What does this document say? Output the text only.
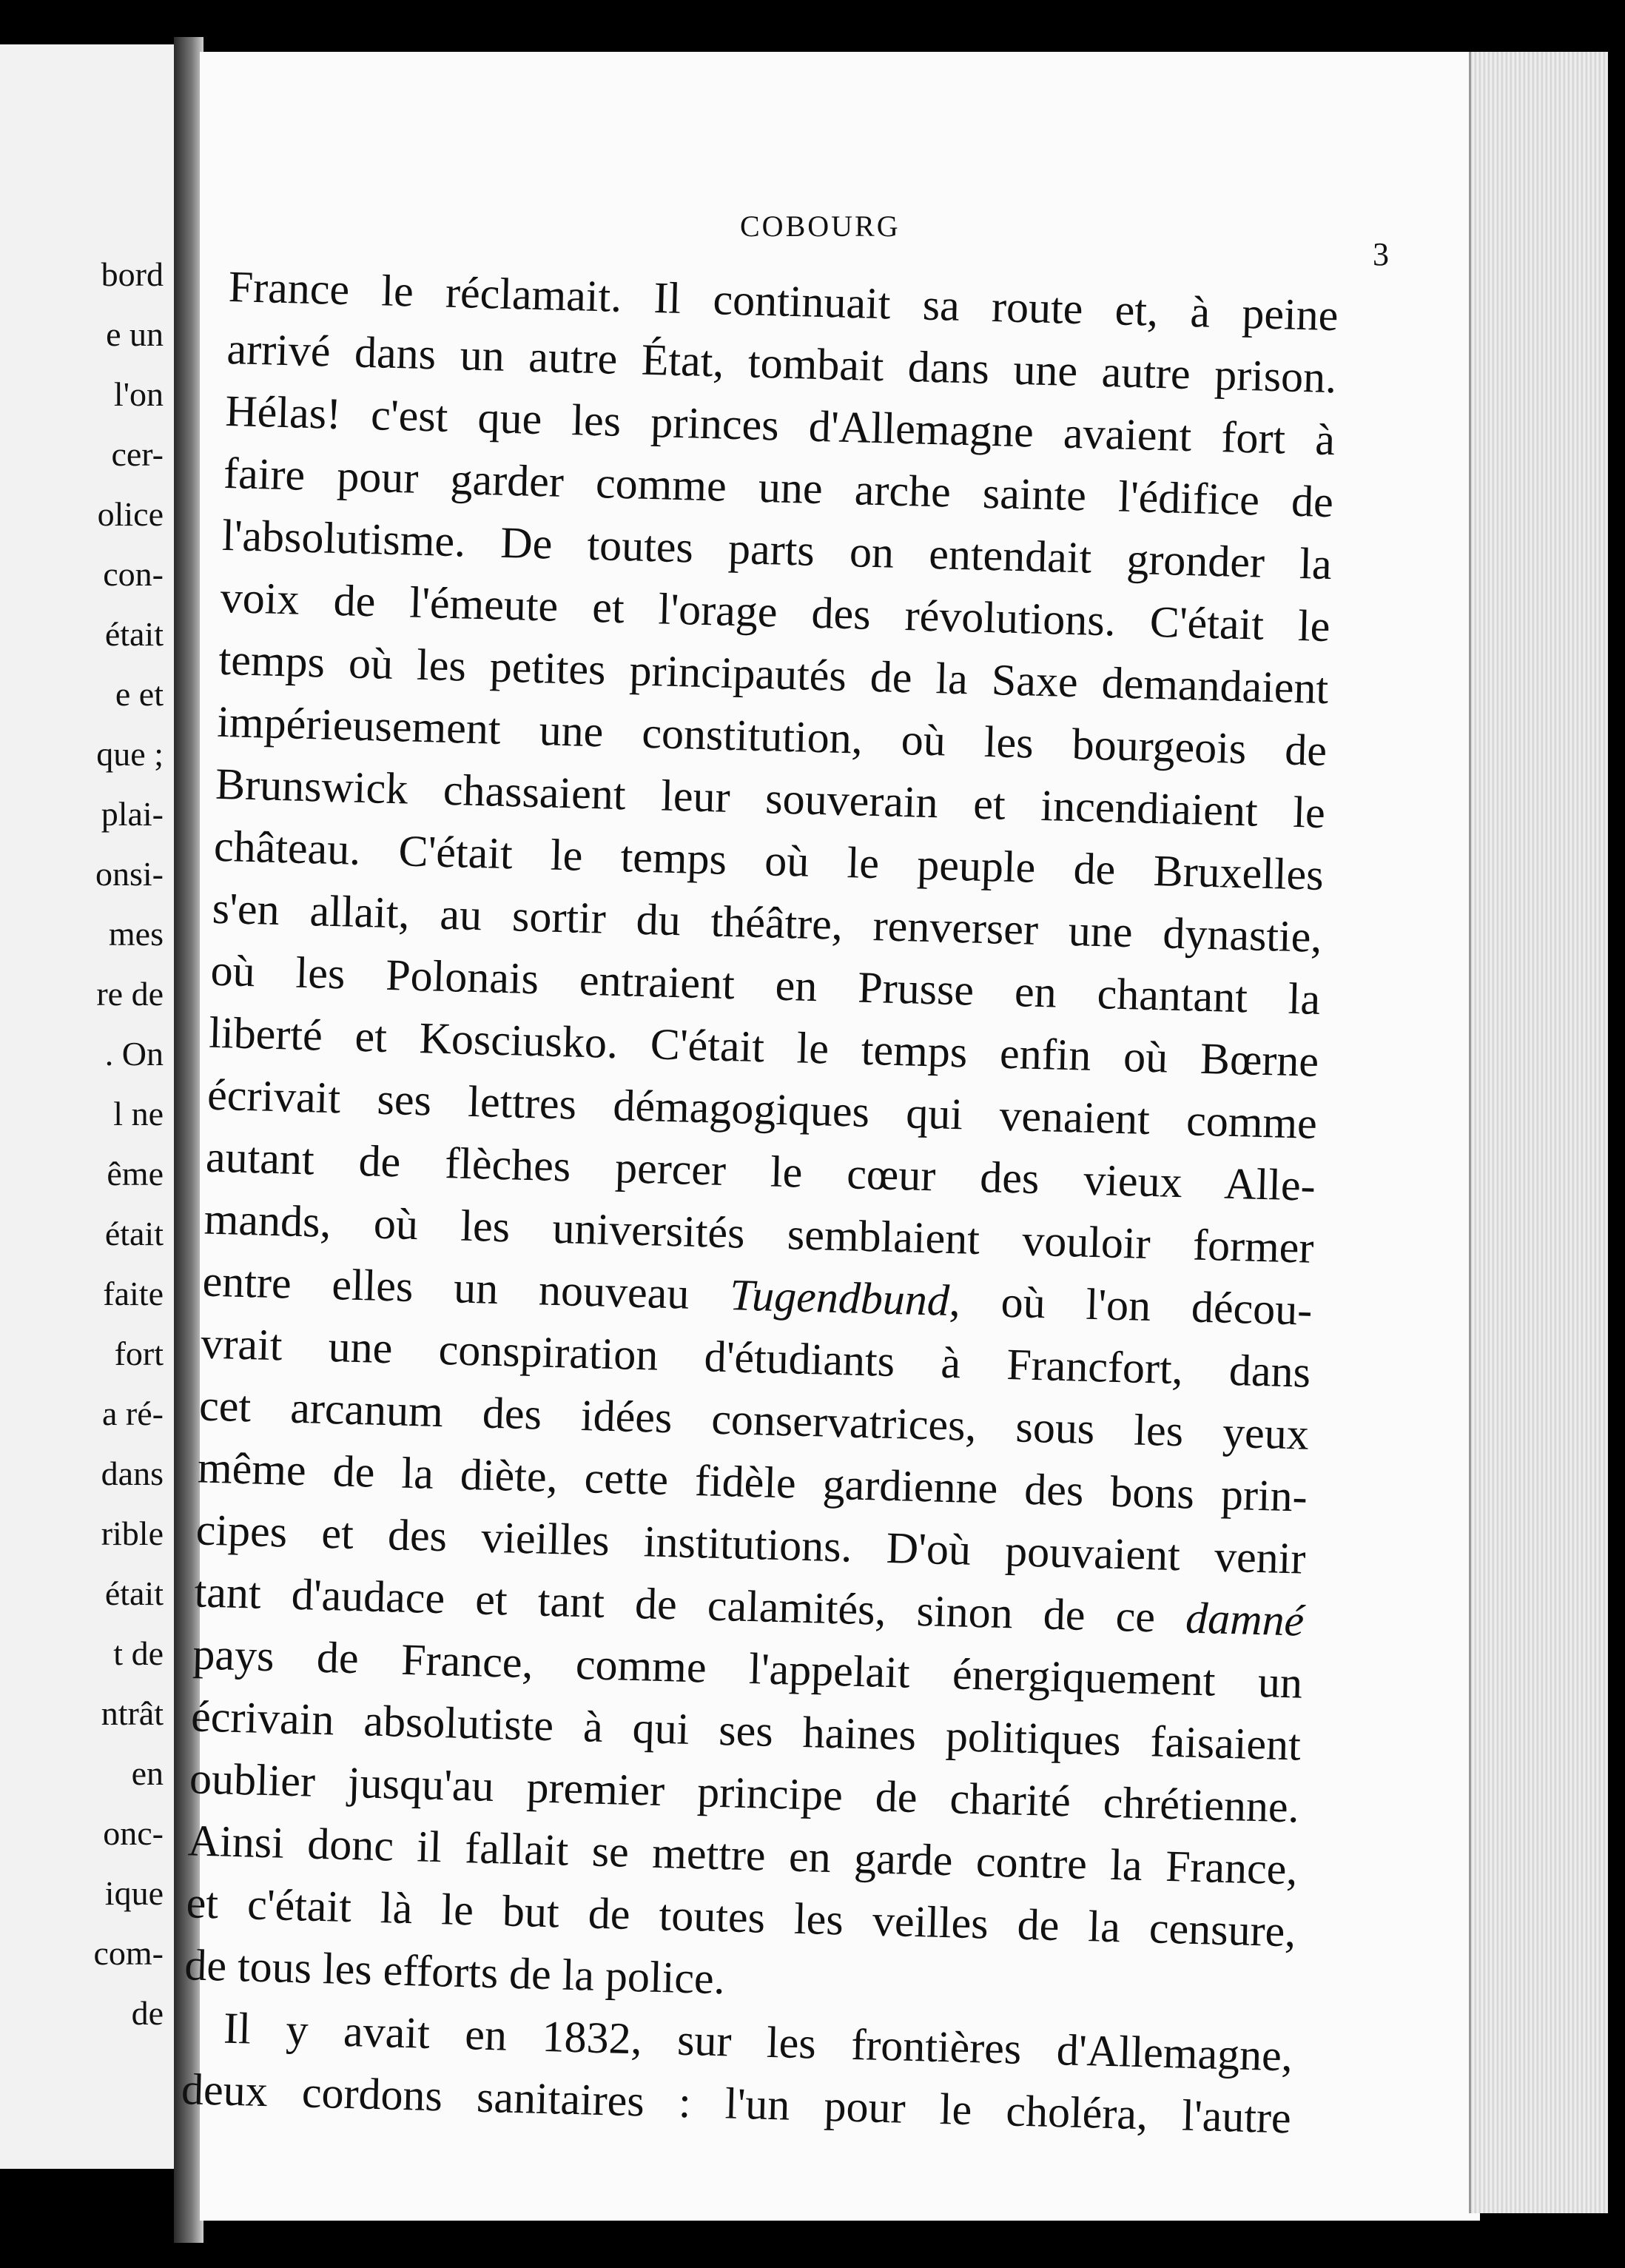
bord
e un
l'on
cer-
olice
con-
était
e et
que ;
plai-
onsi-
mes
re de
. On
l ne
ême
était
faite
fort
a ré-
dans
rible
était
t de
ntrât
en
onc-
ique
com-
de
COBOURG
3
France le réclamait. Il continuait sa route et, à peine
arrivé dans un autre État, tombait dans une autre prison.
Hélas! c'est que les princes d'Allemagne avaient fort à
faire pour garder comme une arche sainte l'édifice de
l'absolutisme. De toutes parts on entendait gronder la
voix de l'émeute et l'orage des révolutions. C'était le
temps où les petites principautés de la Saxe demandaient
impérieusement une constitution, où les bourgeois de
Brunswick chassaient leur souverain et incendiaient le
château. C'était le temps où le peuple de Bruxelles
s'en allait, au sortir du théâtre, renverser une dynastie,
où les Polonais entraient en Prusse en chantant la
liberté et Kosciusko. C'était le temps enfin où Bœrne
écrivait ses lettres démagogiques qui venaient comme
autant de flèches percer le cœur des vieux Alle-
mands, où les universités semblaient vouloir former
entre elles un nouveau Tugendbund, où l'on décou-
vrait une conspiration d'étudiants à Francfort, dans
cet arcanum des idées conservatrices, sous les yeux
même de la diète, cette fidèle gardienne des bons prin-
cipes et des vieilles institutions. D'où pouvaient venir
tant d'audace et tant de calamités, sinon de ce damné
pays de France, comme l'appelait énergiquement un
écrivain absolutiste à qui ses haines politiques faisaient
oublier jusqu'au premier principe de charité chrétienne.
Ainsi donc il fallait se mettre en garde contre la France,
et c'était là le but de toutes les veilles de la censure,
de tous les efforts de la police.
Il y avait en 1832, sur les frontières d'Allemagne,
deux cordons sanitaires : l'un pour le choléra, l'autre
